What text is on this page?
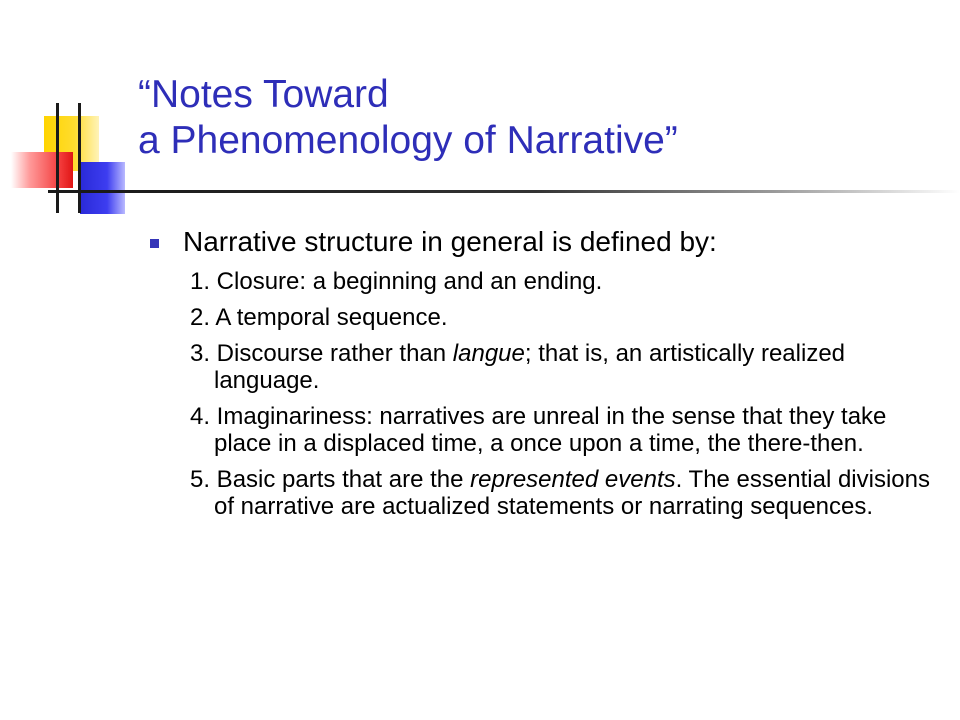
“Notes Toward
a Phenomenology of Narrative”
Narrative structure in general is defined by:
1. Closure: a beginning and an ending.
2. A temporal sequence.
3. Discourse rather than langue; that is, an artistically realized language.
4. Imaginariness: narratives are unreal in the sense that they take place in a displaced time, a once upon a time, the there-then.
5. Basic parts that are the represented events. The essential divisions of narrative are actualized statements or narrating sequences.
